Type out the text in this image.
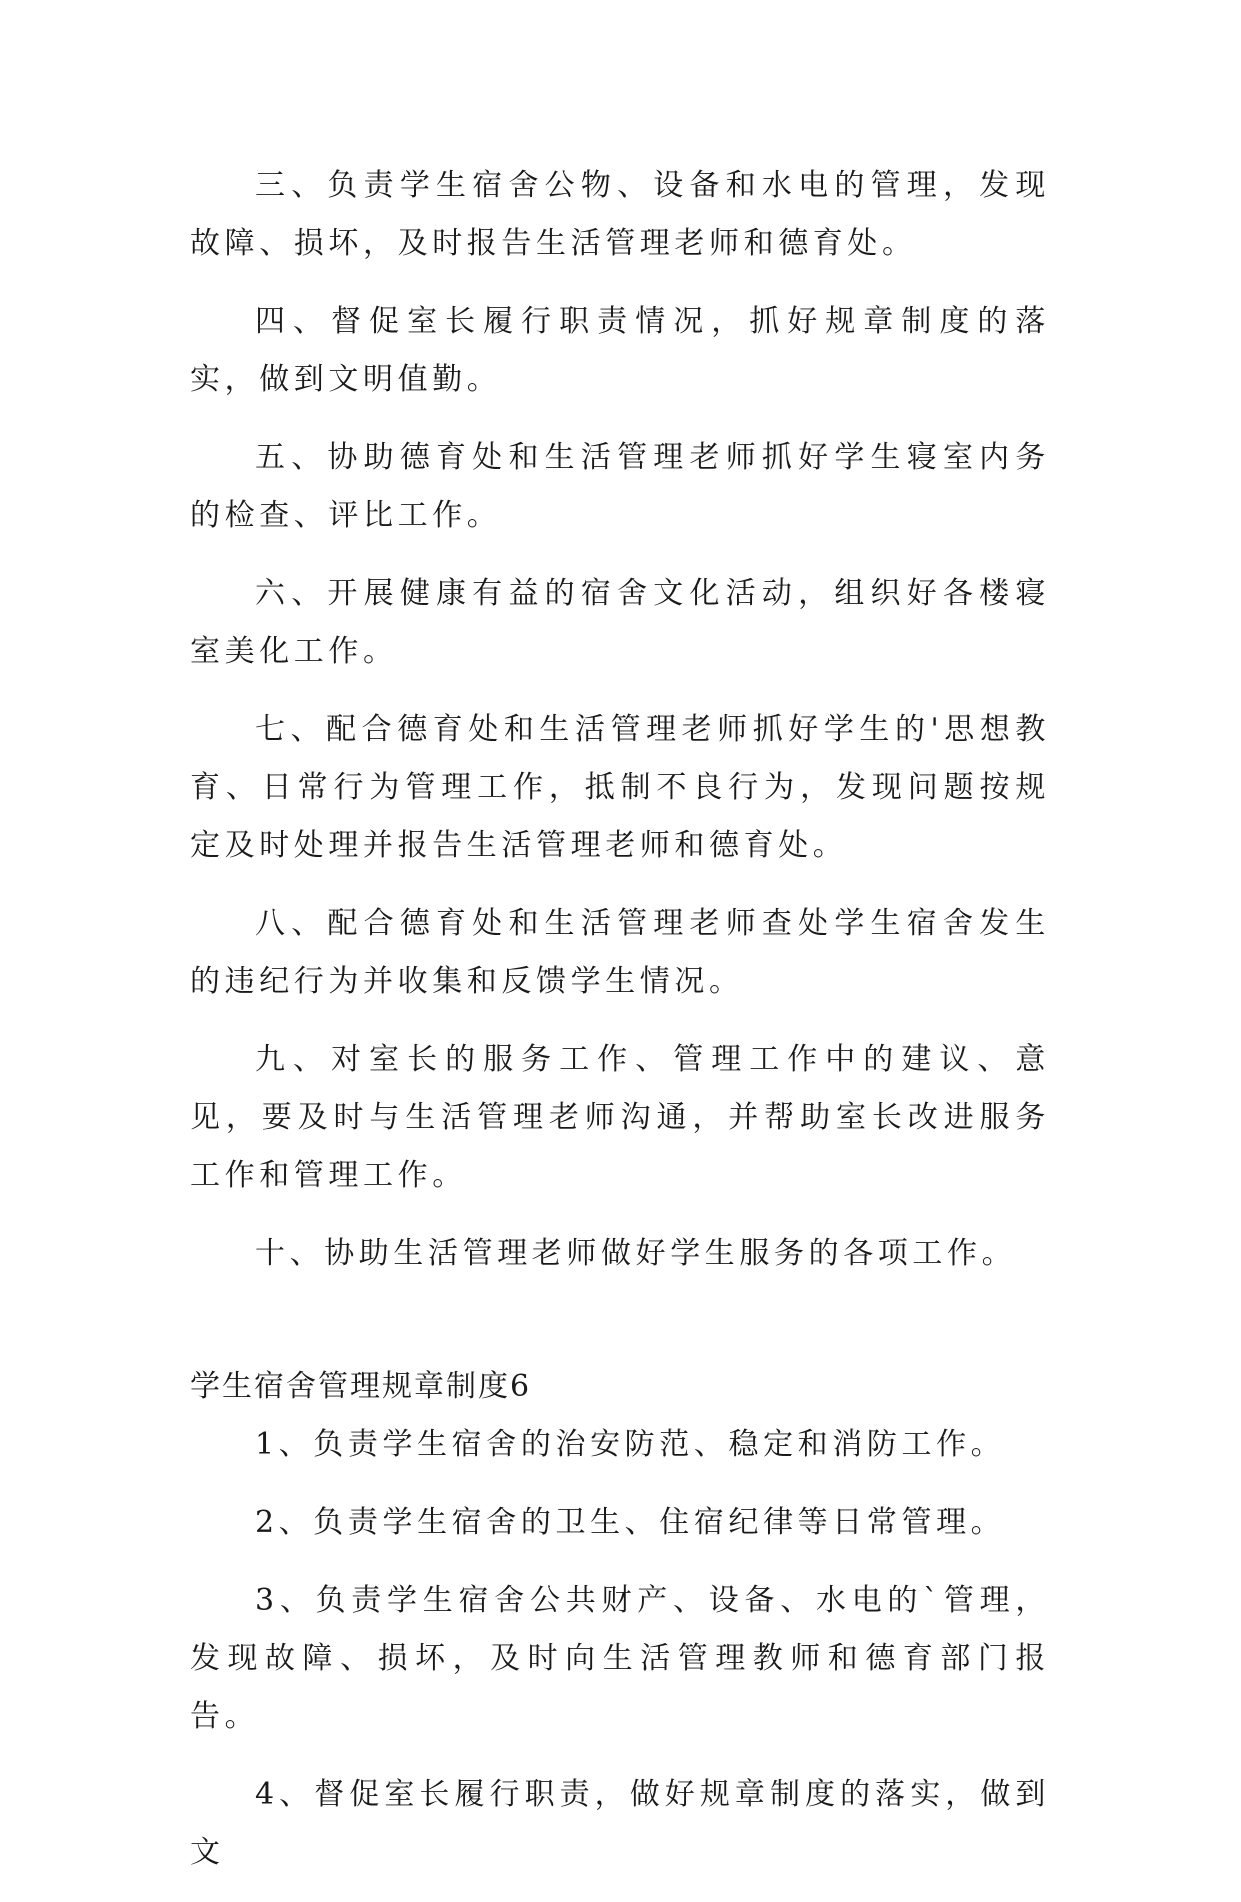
三、负责学生宿舍公物、设备和水电的管理，发现故障、损坏，及时报告生活管理老师和德育处。

四、督促室长履行职责情况，抓好规章制度的落实，做到文明值勤。

五、协助德育处和生活管理老师抓好学生寝室内务的检查、评比工作。

六、开展健康有益的宿舍文化活动，组织好各楼寝室美化工作。

七、配合德育处和生活管理老师抓好学生的'思想教育、日常行为管理工作，抵制不良行为，发现问题按规定及时处理并报告生活管理老师和德育处。

八、配合德育处和生活管理老师查处学生宿舍发生的违纪行为并收集和反馈学生情况。

九、对室长的服务工作、管理工作中的建议、意见，要及时与生活管理老师沟通，并帮助室长改进服务工作和管理工作。

十、协助生活管理老师做好学生服务的各项工作。

学生宿舍管理规章制度6

1、负责学生宿舍的治安防范、稳定和消防工作。

2、负责学生宿舍的卫生、住宿纪律等日常管理。

3、负责学生宿舍公共财产、设备、水电的`管理，发现故障、损坏，及时向生活管理教师和德育部门报告。

4、督促室长履行职责，做好规章制度的落实，做到文
